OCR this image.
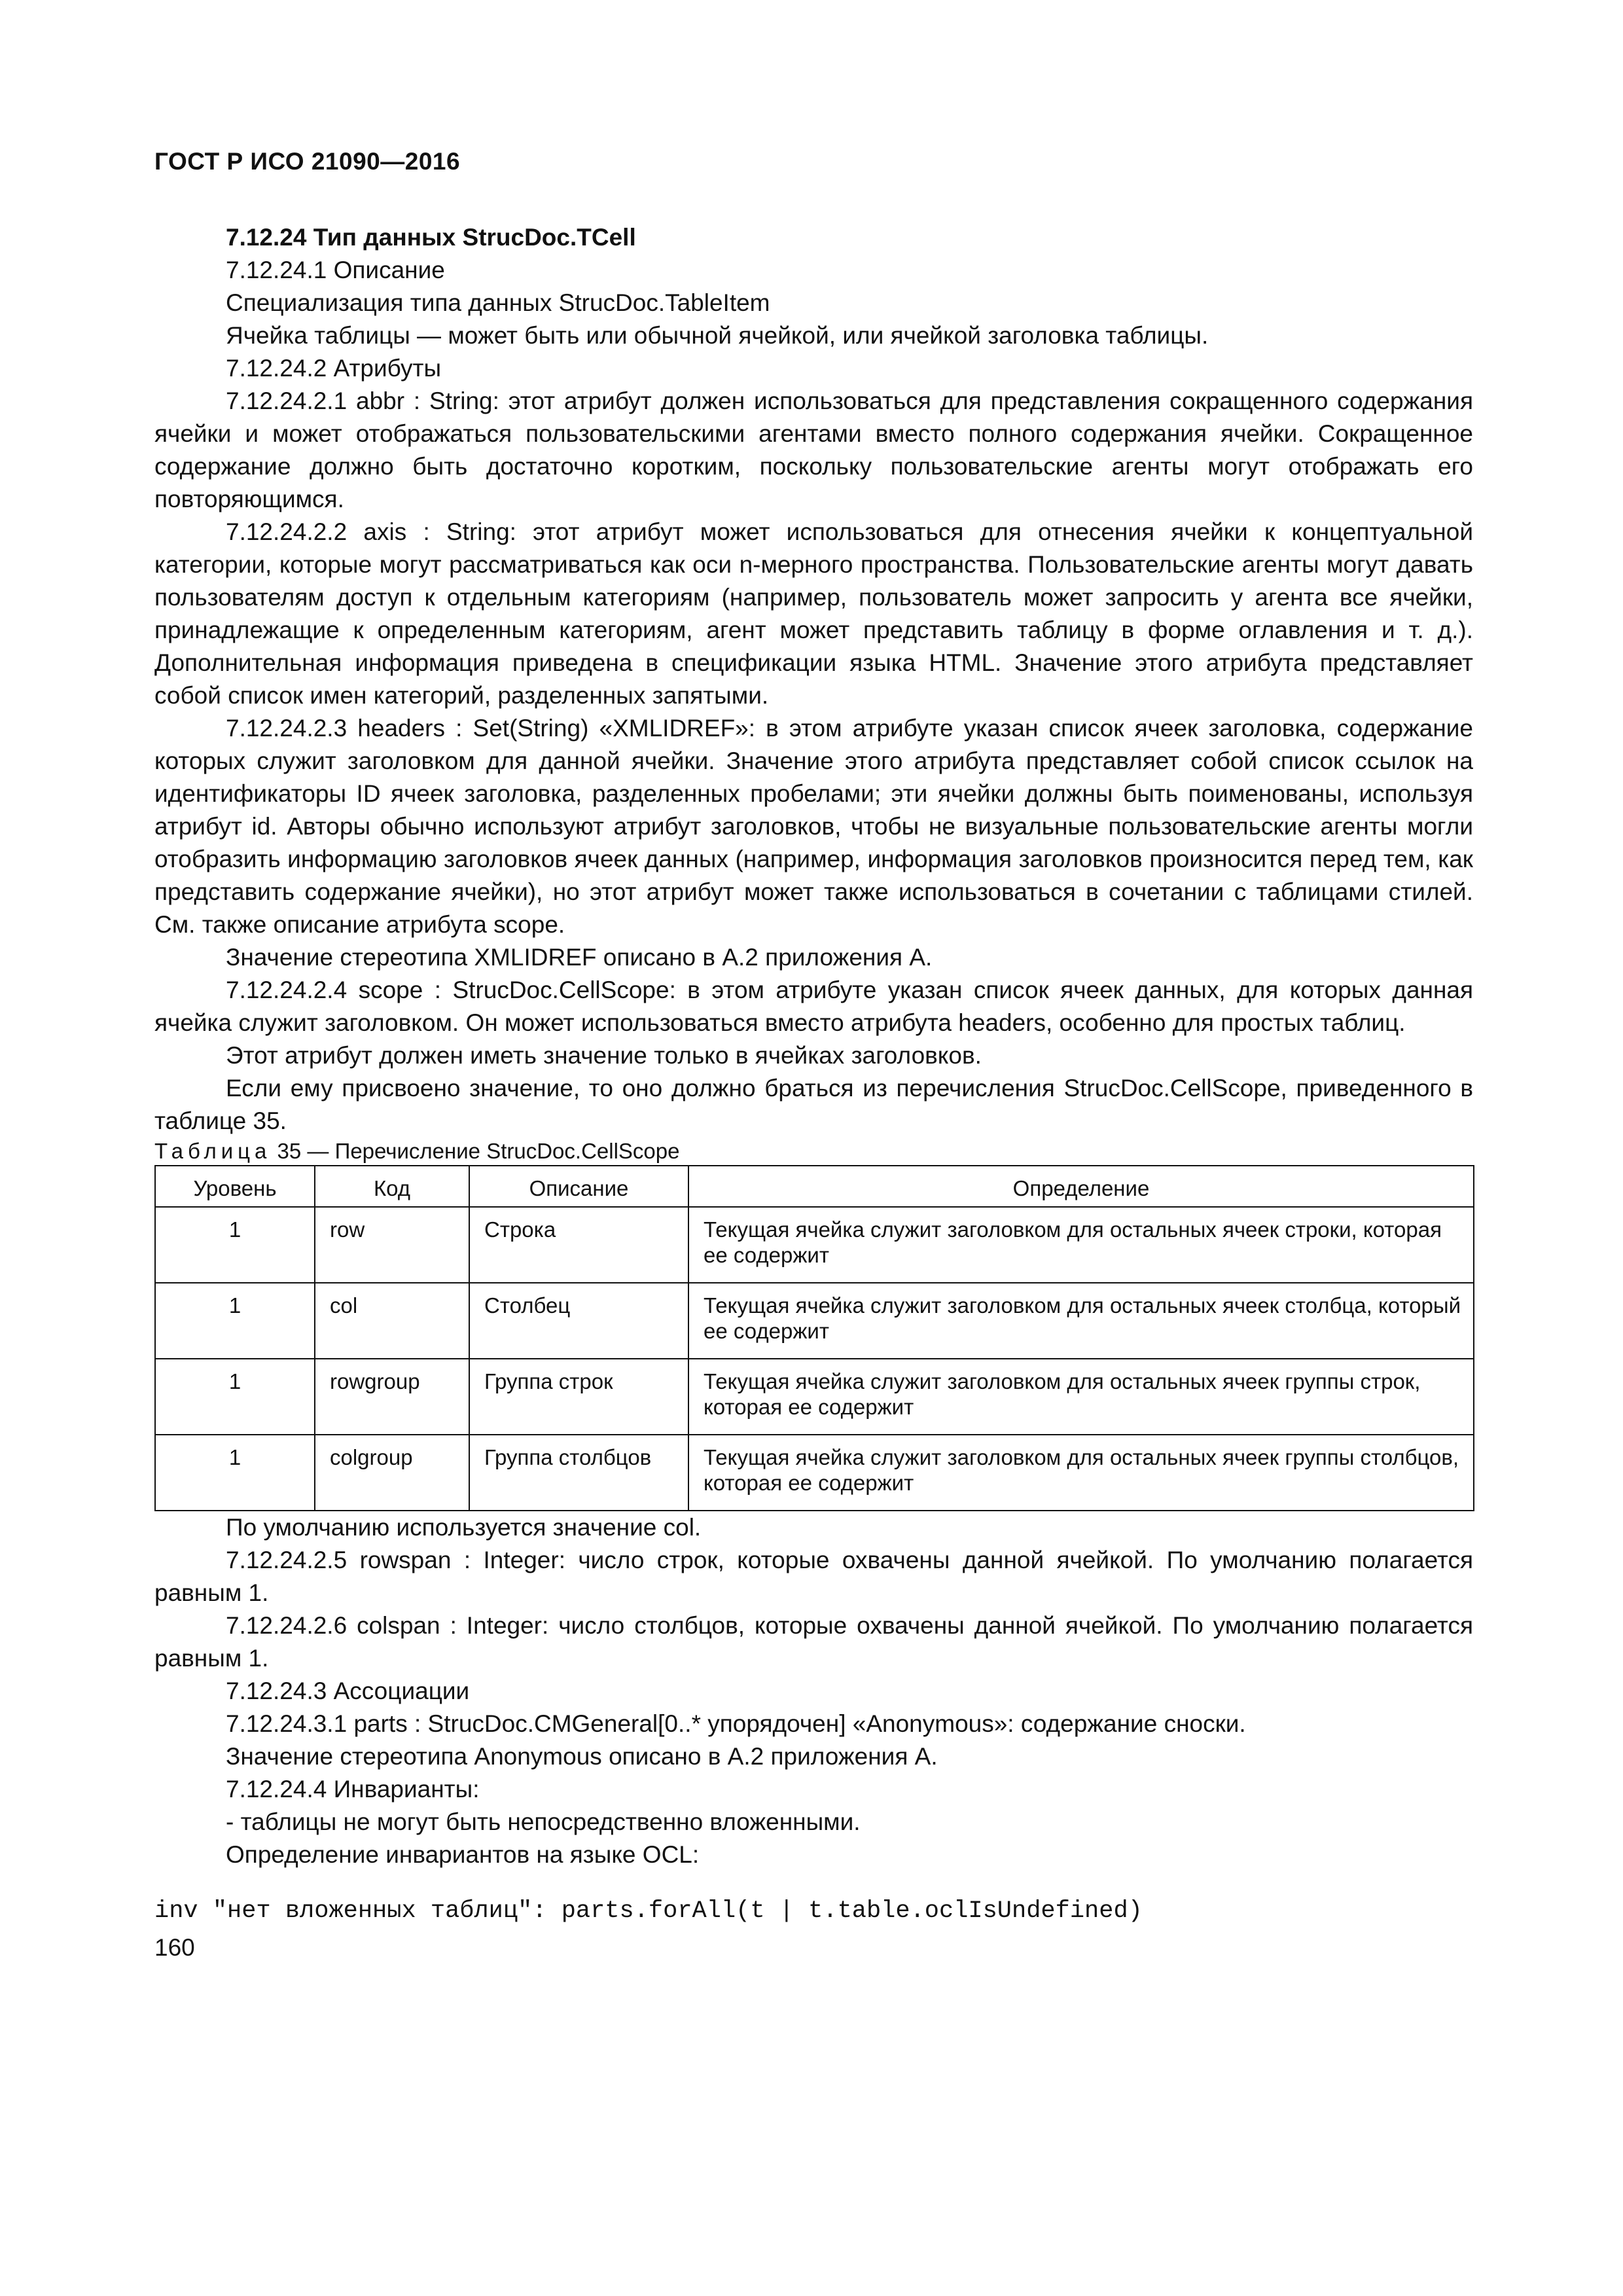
ГОСТ Р ИСО 21090—2016

7.12.24 Тип данных StrucDoc.TCell

7.12.24.1 Описание

Специализация типа данных StrucDoc.TableItem

Ячейка таблицы — может быть или обычной ячейкой, или ячейкой заголовка таблицы.

7.12.24.2 Атрибуты

7.12.24.2.1 abbr : String: этот атрибут должен использоваться для представления сокращенного содержания ячейки и может отображаться пользовательскими агентами вместо полного содержания ячейки. Сокращенное содержание должно быть достаточно коротким, поскольку пользовательские агенты могут отображать его повторяющимся.

7.12.24.2.2 axis : String: этот атрибут может использоваться для отнесения ячейки к концептуальной категории, которые могут рассматриваться как оси n-мерного пространства. Пользовательские агенты могут давать пользователям доступ к отдельным категориям (например, пользователь может запросить у агента все ячейки, принадлежащие к определенным категориям, агент может представить таблицу в форме оглавления и т. д.). Дополнительная информация приведена в спецификации языка HTML. Значение этого атрибута представляет собой список имен категорий, разделенных запятыми.

7.12.24.2.3 headers : Set(String) «XMLIDREF»: в этом атрибуте указан список ячеек заголовка, содержание которых служит заголовком для данной ячейки. Значение этого атрибута представляет собой список ссылок на идентификаторы ID ячеек заголовка, разделенных пробелами; эти ячейки должны быть поименованы, используя атрибут id. Авторы обычно используют атрибут заголовков, чтобы не визуальные пользовательские агенты могли отобразить информацию заголовков ячеек данных (например, информация заголовков произносится перед тем, как представить содержание ячейки), но этот атрибут может также использоваться в сочетании с таблицами стилей. См. также описание атрибута scope.

Значение стереотипа XMLIDREF описано в А.2 приложения А.

7.12.24.2.4 scope : StrucDoc.CellScope: в этом атрибуте указан список ячеек данных, для которых данная ячейка служит заголовком. Он может использоваться вместо атрибута headers, особенно для простых таблиц.

Этот атрибут должен иметь значение только в ячейках заголовков.

Если ему присвоено значение, то оно должно браться из перечисления StrucDoc.CellScope, приведенного в таблице 35.

Таблица 35 — Перечисление StrucDoc.CellScope

Уровень	Код	Описание	Определение
1	row	Строка	Текущая ячейка служит заголовком для остальных ячеек строки, которая ее содержит
1	col	Столбец	Текущая ячейка служит заголовком для остальных ячеек столбца, который ее содержит
1	rowgroup	Группа строк	Текущая ячейка служит заголовком для остальных ячеек группы строк, которая ее содержит
1	colgroup	Группа столбцов	Текущая ячейка служит заголовком для остальных ячеек группы столбцов, которая ее содержит

По умолчанию используется значение col.

7.12.24.2.5 rowspan : Integer: число строк, которые охвачены данной ячейкой. По умолчанию полагается равным 1.

7.12.24.2.6 colspan : Integer: число столбцов, которые охвачены данной ячейкой. По умолчанию полагается равным 1.

7.12.24.3 Ассоциации

7.12.24.3.1 parts : StrucDoc.CMGeneral[0..* упорядочен] «Anonymous»: содержание сноски.

Значение стереотипа Anonymous описано в А.2 приложения А.

7.12.24.4 Инварианты:

- таблицы не могут быть непосредственно вложенными.

Определение инвариантов на языке OCL:

inv "нет вложенных таблиц": parts.forAll(t | t.table.oclIsUndefined)
160
